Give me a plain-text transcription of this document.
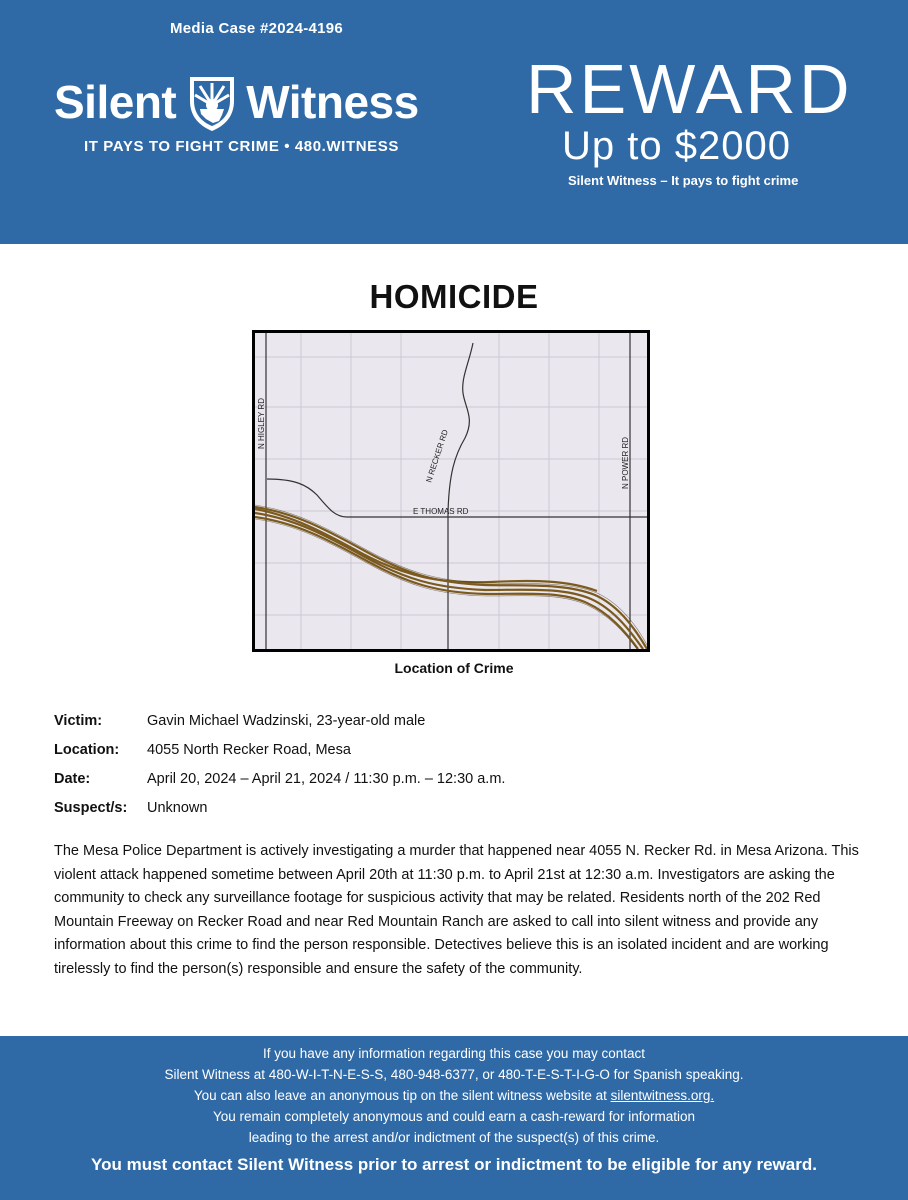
Media Case #2024-4196
Silent Witness
IT PAYS TO FIGHT CRIME • 480.WITNESS
REWARD
Up to $2000
Silent Witness – It pays to fight crime
HOMICIDE
N HIGLEY RD
N POWER RD
N RECKER RD
E THOMAS RD
Location of Crime
Victim:	Gavin Michael Wadzinski, 23-year-old male
Location:	4055 North Recker Road, Mesa
Date:	April 20, 2024 – April 21, 2024 / 11:30 p.m. – 12:30 a.m.
Suspect/s:	Unknown

The Mesa Police Department is actively investigating a murder that happened near 4055 N. Recker Rd. in Mesa Arizona. This violent attack happened sometime between April 20th at 11:30 p.m. to April 21st at 12:30 a.m. Investigators are asking the community to check any surveillance footage for suspicious activity that may be related. Residents north of the 202 Red Mountain Freeway on Recker Road and near Red Mountain Ranch are asked to call into silent witness and provide any information about this crime to find the person responsible. Detectives believe this is an isolated incident and are working tirelessly to find the person(s) responsible and ensure the safety of the community.

If you have any information regarding this case you may contact
Silent Witness at 480-W-I-T-N-E-S-S, 480-948-6377, or 480-T-E-S-T-I-G-O for Spanish speaking.
You can also leave an anonymous tip on the silent witness website at silentwitness.org.
You remain completely anonymous and could earn a cash-reward for information
leading to the arrest and/or indictment of the suspect(s) of this crime.
You must contact Silent Witness prior to arrest or indictment to be eligible for any reward.
